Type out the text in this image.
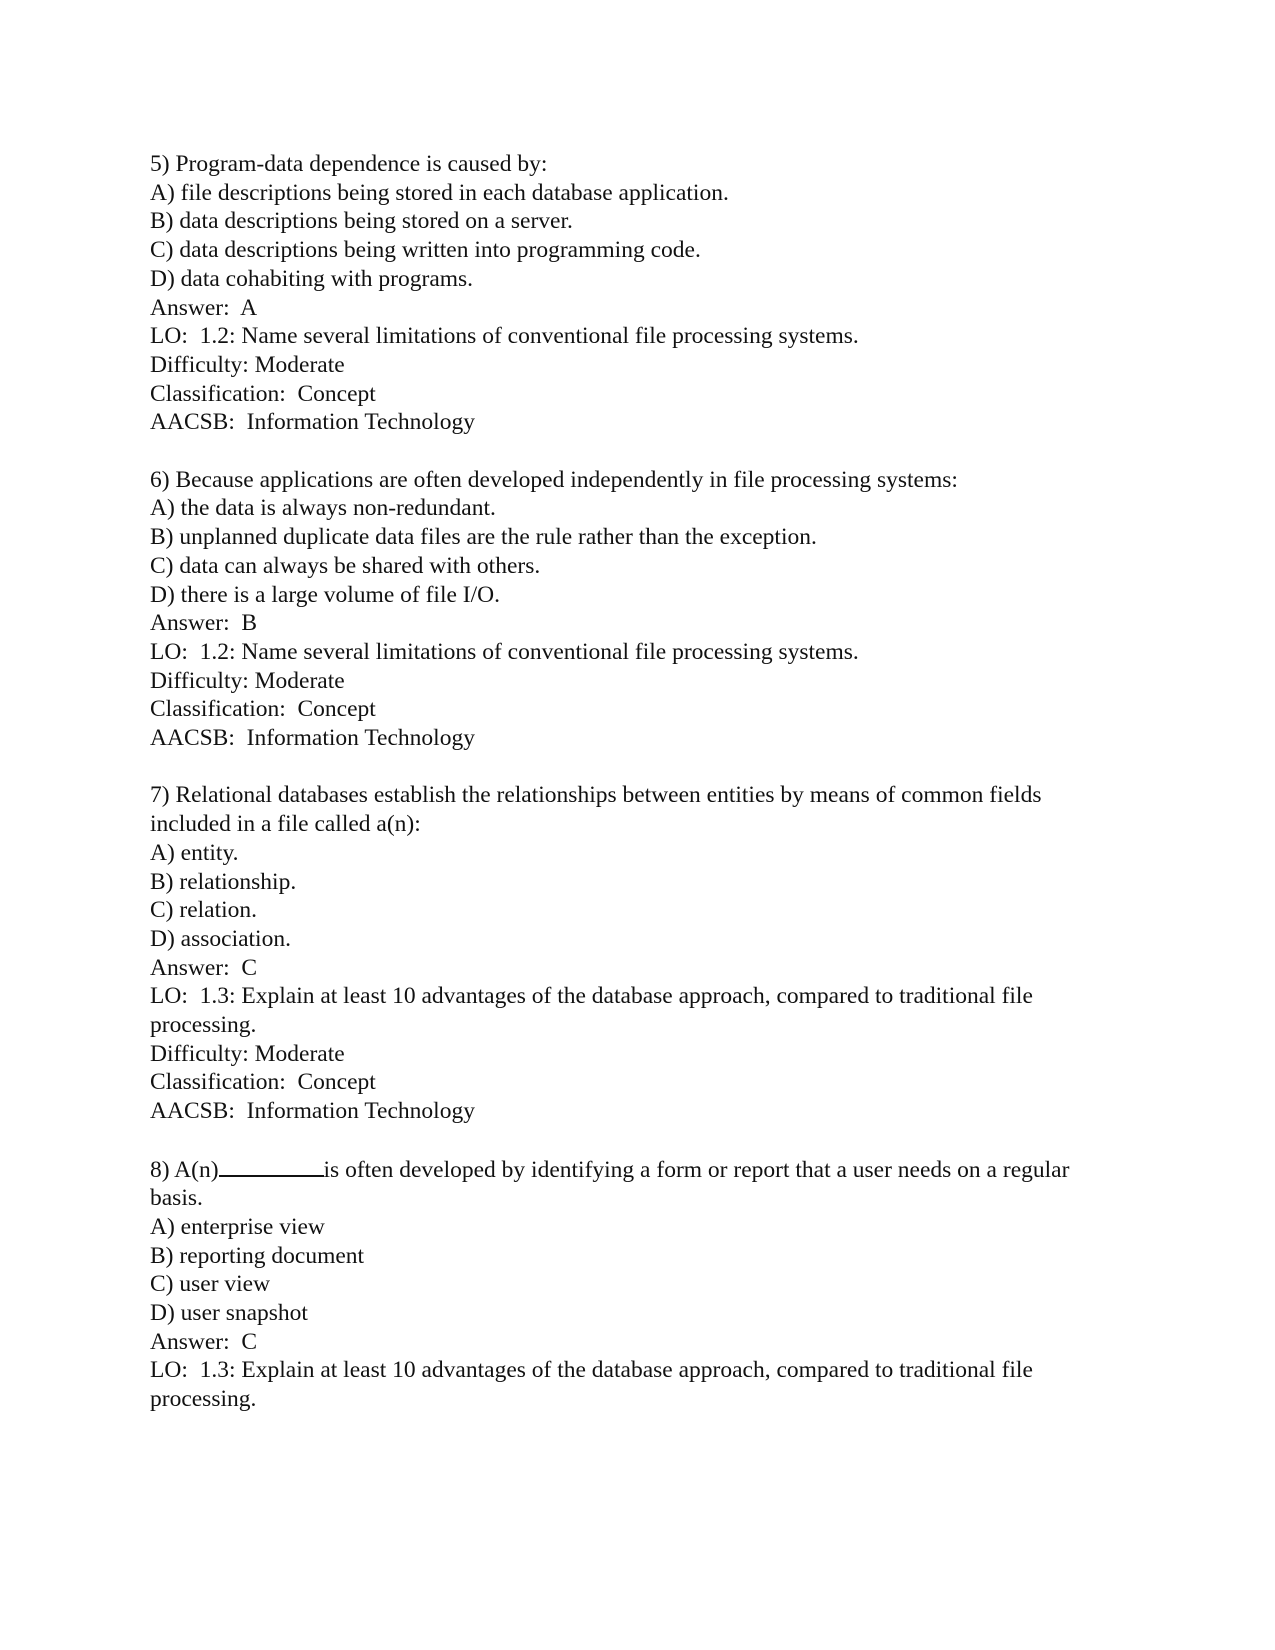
5) Program-data dependence is caused by:
A) file descriptions being stored in each database application.
B) data descriptions being stored on a server.
C) data descriptions being written into programming code.
D) data cohabiting with programs.
Answer:  A
LO:  1.2: Name several limitations of conventional file processing systems.
Difficulty: Moderate
Classification:  Concept
AACSB:  Information Technology
6) Because applications are often developed independently in file processing systems:
A) the data is always non-redundant.
B) unplanned duplicate data files are the rule rather than the exception.
C) data can always be shared with others.
D) there is a large volume of file I/O.
Answer:  B
LO:  1.2: Name several limitations of conventional file processing systems.
Difficulty: Moderate
Classification:  Concept
AACSB:  Information Technology
7) Relational databases establish the relationships between entities by means of common fields included in a file called a(n):
A) entity.
B) relationship.
C) relation.
D) association.
Answer:  C
LO:  1.3: Explain at least 10 advantages of the database approach, compared to traditional file processing.
Difficulty: Moderate
Classification:  Concept
AACSB:  Information Technology
8) A(n)	is often developed by identifying a form or report that a user needs on a regular basis.
A) enterprise view
B) reporting document
C) user view
D) user snapshot
Answer:  C
LO:  1.3: Explain at least 10 advantages of the database approach, compared to traditional file processing.
